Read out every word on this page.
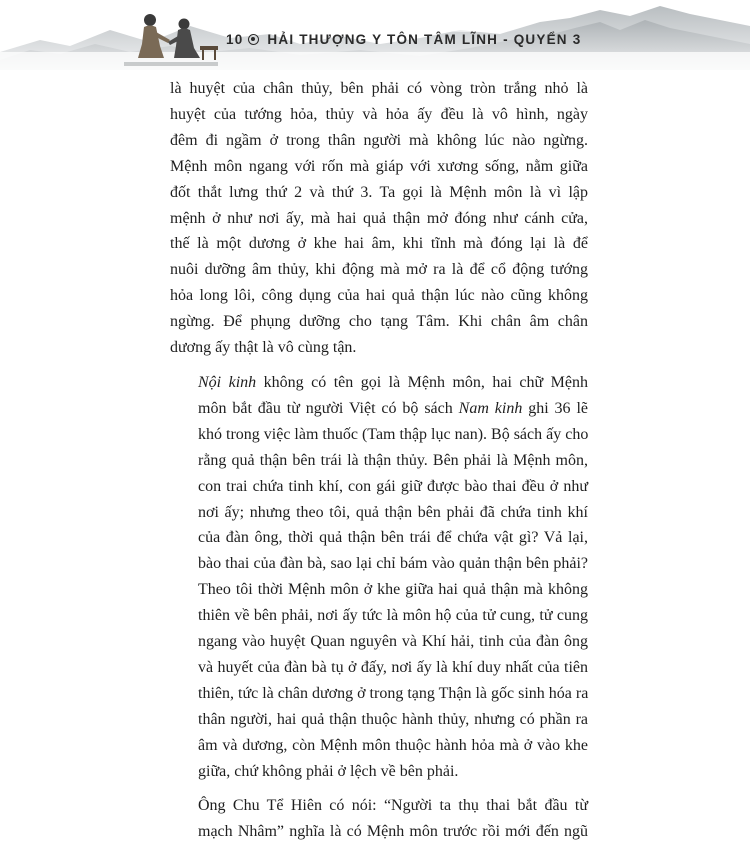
10 HẢI THƯỢNG Y TÔN TÂM LĨNH - QUYỂN 3

là huyệt của chân thủy, bên phải có vòng tròn trắng nhỏ là
huyệt của tướng hỏa, thủy và hỏa ấy đều là vô hình, ngày
đêm đi ngầm ở trong thân người mà không lúc nào ngừng.
Mệnh môn ngang với rốn mà giáp với xương sống, nằm giữa
đốt thắt lưng thứ 2 và thứ 3. Ta gọi là Mệnh môn là vì lập
mệnh ở như nơi ấy, mà hai quả thận mở đóng như cánh cửa,
thế là một dương ở khe hai âm, khi tĩnh mà đóng lại là để
nuôi dưỡng âm thủy, khi động mà mở ra là để cổ động tướng
hỏa long lôi, công dụng của hai quả thận lúc nào cũng không
ngừng. Để phụng dưỡng cho tạng Tâm. Khi chân âm chân
dương ấy thật là vô cùng tận.

Nội kinh không có tên gọi là Mệnh môn, hai chữ Mệnh
môn bắt đầu từ người Việt có bộ sách Nam kinh ghi 36 lẽ
khó trong việc làm thuốc (Tam thập lục nan). Bộ sách ấy cho
rằng quả thận bên trái là thận thủy. Bên phải là Mệnh môn,
con trai chứa tinh khí, con gái giữ được bào thai đều ở như
nơi ấy; nhưng theo tôi, quả thận bên phải đã chứa tinh khí
của đàn ông, thời quả thận bên trái để chứa vật gì? Vả lại,
bào thai của đàn bà, sao lại chỉ bám vào quản thận bên phải?
Theo tôi thời Mệnh môn ở khe giữa hai quả thận mà không
thiên về bên phải, nơi ấy tức là môn hộ của tử cung, tử cung
ngang vào huyệt Quan nguyên và Khí hải, tinh của đàn ông
và huyết của đàn bà tụ ở đấy, nơi ấy là khí duy nhất của tiên
thiên, tức là chân dương ở trong tạng Thận là gốc sinh hóa ra
thân người, hai quả thận thuộc hành thủy, nhưng có phần ra
âm và dương, còn Mệnh môn thuộc hành hỏa mà ở vào khe
giữa, chứ không phải ở lệch về bên phải.

Ông Chu Tể Hiên có nói: “Người ta thụ thai bắt đầu từ
mạch Nhâm” nghĩa là có Mệnh môn trước rồi mới đến ngũ
